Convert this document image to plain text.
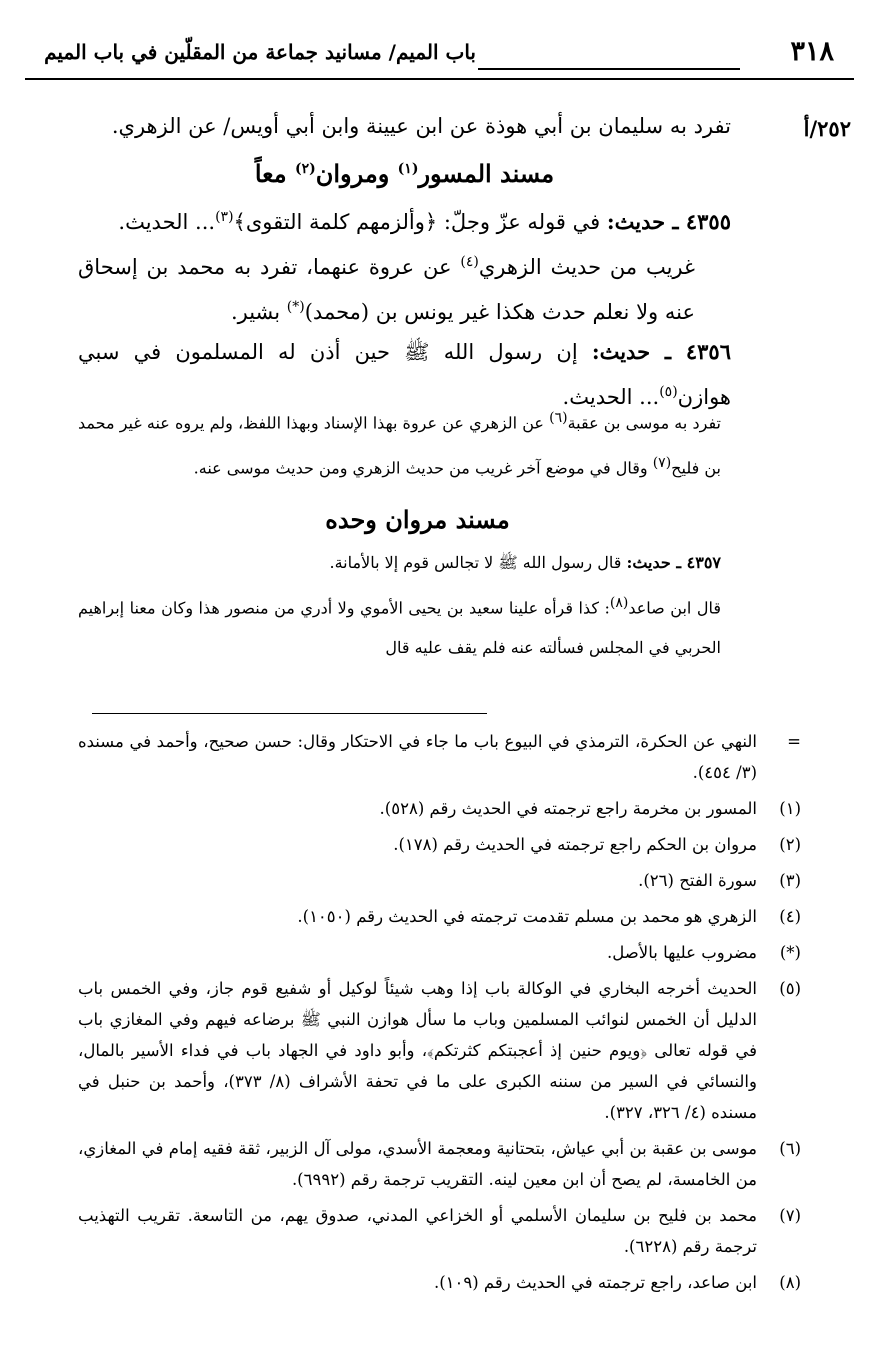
٣١٨
باب الميم/ مسانيد جماعة من المقلّين في باب الميم
٢٥٢/أ

تفرد به سليمان بن أبي هوذة عن ابن عيينة وابن أبي أويس/ عن الزهري.

مسند المسور$^{(١)}$ ومروان$^{(٢)}$ معاً

٤٣٥٥ ـ حديث: في قوله عزّ وجلّ: ﴿وألزمهم كلمة التقوى﴾$^{(٣)}$... الحديث.

غريب من حديث الزهري$^{(٤)}$ عن عروة عنهما، تفرد به محمد بن إسحاق عنه ولا نعلم حدث هكذا غير يونس بن (محمد)(*) بشير.

٤٣٥٦ ـ حديث: إن رسول الله ﷺ حين أذن له المسلمون في سبي هوازن$^{(٥)}$... الحديث.

تفرد به موسى بن عقبة(٦) عن الزهري عن عروة بهذا الإسناد وبهذا اللفظ، ولم يروه عنه غير محمد بن فليح(٧) وقال في موضع آخر غريب من حديث الزهري ومن حديث موسى عنه.

مسند مروان وحده

٤٣٥٧ ـ حديث: قال رسول الله ﷺ لا تجالس قوم إلا بالأمانة.

قال ابن صاعد(٨): كذا قرأه علينا سعيد بن يحيى الأموي ولا أدري من منصور هذا وكان معنا إبراهيم الحربي في المجلس فسألته عنه فلم يقف عليه قال

=
النهي عن الحكرة، الترمذي في البيوع باب ما جاء في الاحتكار وقال: حسن صحيح، وأحمد في مسنده (٣/ ٤٥٤).
(١)
المسور بن مخرمة راجع ترجمته في الحديث رقم (٥٢٨).
(٢)
مروان بن الحكم راجع ترجمته في الحديث رقم (١٧٨).
(٣)
سورة الفتح (٢٦).
(٤)
الزهري هو محمد بن مسلم تقدمت ترجمته في الحديث رقم (١٠٥٠).
(*)
مضروب عليها بالأصل.
(٥)
الحديث أخرجه البخاري في الوكالة باب إذا وهب شيئاً لوكيل أو شفيع قوم جاز، وفي الخمس باب الدليل أن الخمس لنوائب المسلمين وباب ما سأل هوازن النبي ﷺ برضاعه فيهم وفي المغازي باب في قوله تعالى ﴿ويوم حنين إذ أعجبتكم كثرتكم﴾، وأبو داود في الجهاد باب في فداء الأسير بالمال، والنسائي في السير من سننه الكبرى على ما في تحفة الأشراف (٨/ ٣٧٣)، وأحمد بن حنبل في مسنده (٤/ ٣٢٦، ٣٢٧).
(٦)
موسى بن عقبة بن أبي عياش، بتحتانية ومعجمة الأسدي، مولى آل الزبير، ثقة فقيه إمام في المغازي، من الخامسة، لم يصح أن ابن معين لينه. التقريب ترجمة رقم (٦٩٩٢).
(٧)
محمد بن فليح بن سليمان الأسلمي أو الخزاعي المدني، صدوق يهم، من التاسعة. تقريب التهذيب ترجمة رقم (٦٢٢٨).
(٨)
ابن صاعد، راجع ترجمته في الحديث رقم (١٠٩).
